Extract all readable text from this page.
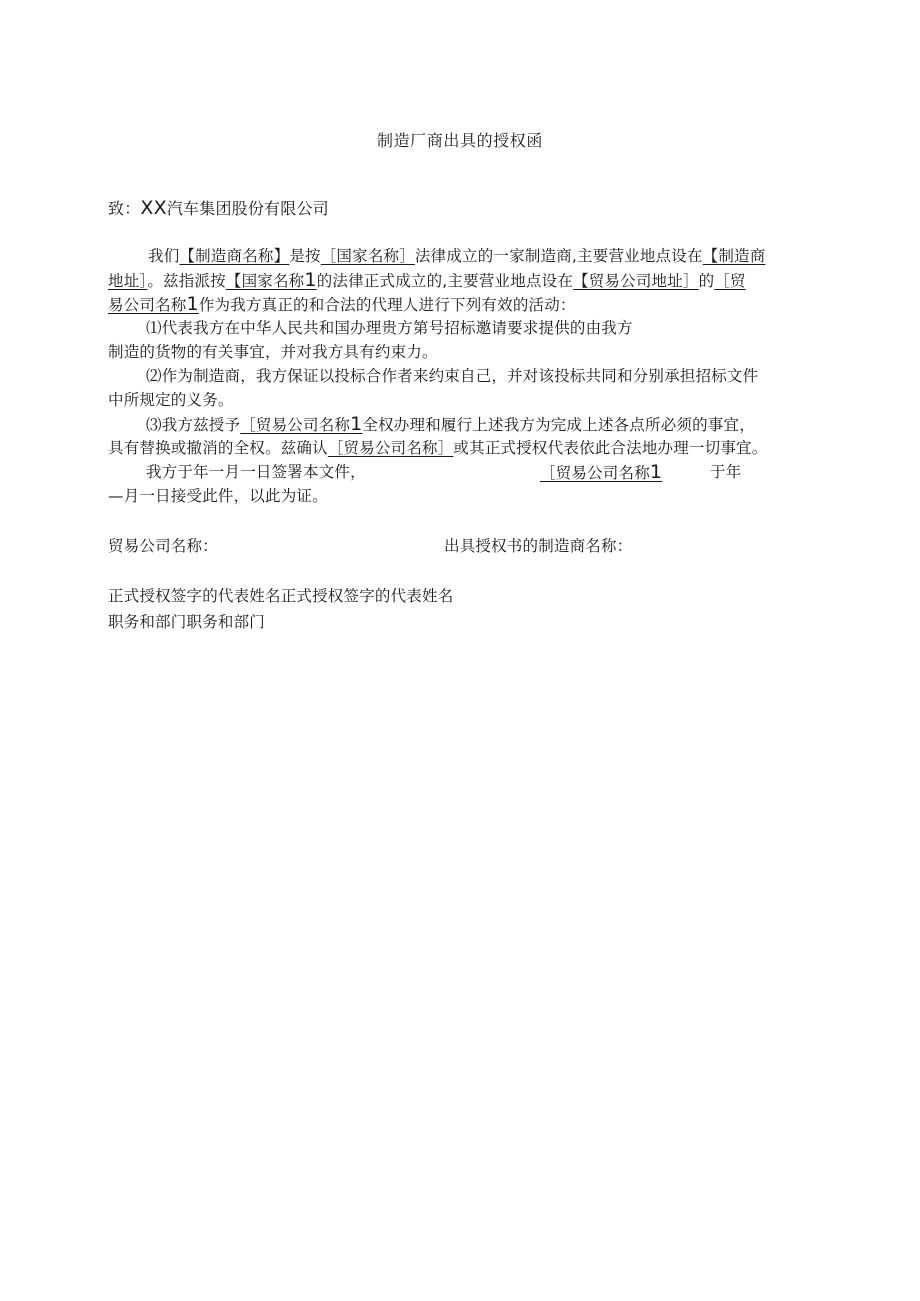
制造厂商出具的授权函
致：XX汽车集团股份有限公司
我们【制造商名称】是按［国家名称］法律成立的一家制造商,主要营业地点设在【制造商
地址］。兹指派按【国家名称1的法律正式成立的,主要营业地点设在【贸易公司地址］的［贸
易公司名称1作为我方真正的和合法的代理人进行下列有效的活动：
⑴代表我方在中华人民共和国办理贵方第号招标邀请要求提供的由我方
制造的货物的有关事宜，并对我方具有约束力。
⑵作为制造商，我方保证以投标合作者来约束自己，并对该投标共同和分别承担招标文件
中所规定的义务。
⑶我方兹授予［贸易公司名称1全权办理和履行上述我方为完成上述各点所必须的事宜，
具有替换或撤消的全权。兹确认［贸易公司名称］或其正式授权代表依此合法地办理一切事宜。
我方于年一月一日签署本文件，	［贸易公司名称1	于年
—月一日接受此件，以此为证。
贸易公司名称：	出具授权书的制造商名称：
正式授权签字的代表姓名正式授权签字的代表姓名
职务和部门职务和部门
